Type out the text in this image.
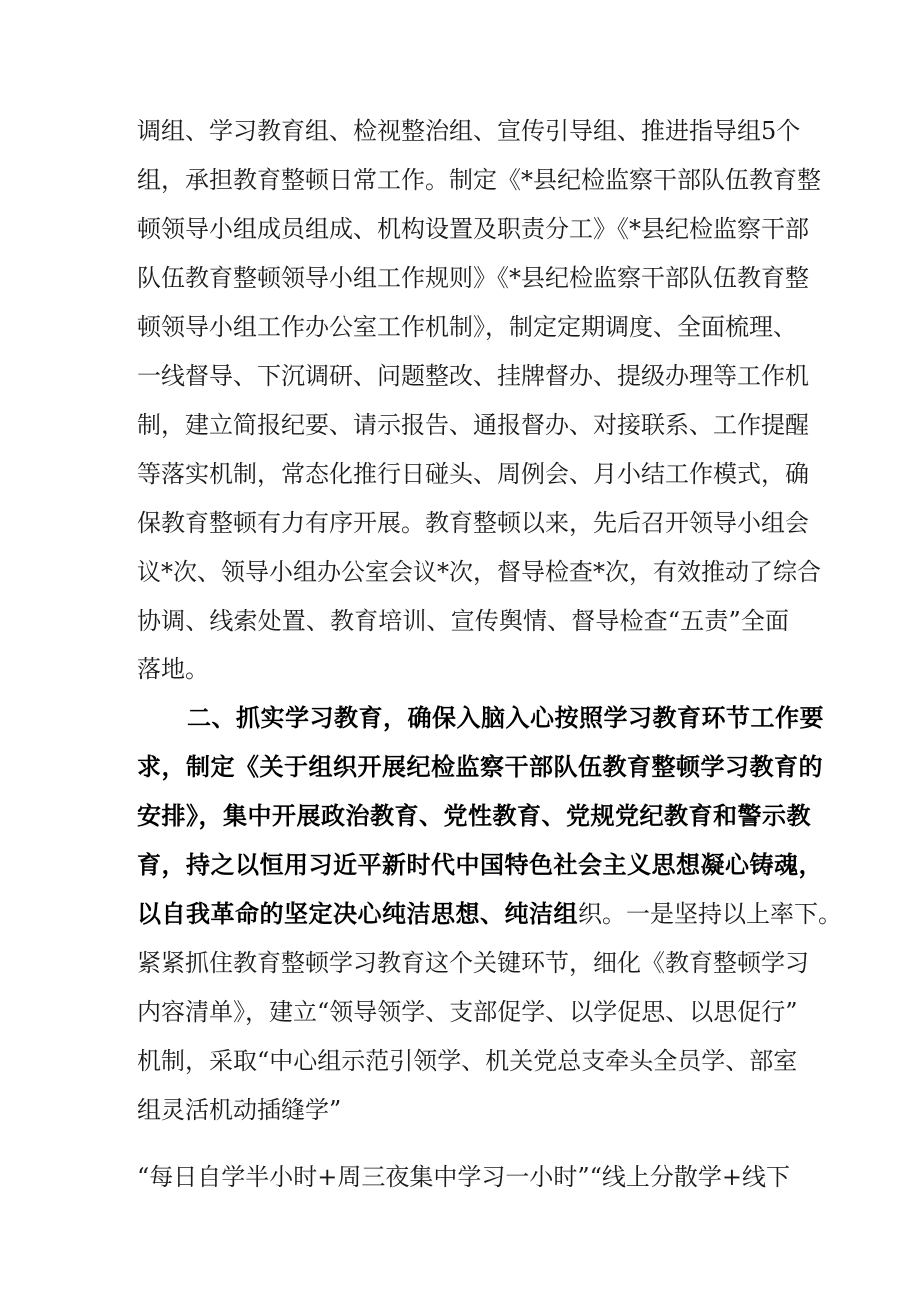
调组、学习教育组、检视整治组、宣传引导组、推进指导组5个
组，承担教育整顿日常工作。制定《*县纪检监察干部队伍教育整
顿领导小组成员组成、机构设置及职责分工》《*县纪检监察干部
队伍教育整顿领导小组工作规则》《*县纪检监察干部队伍教育整
顿领导小组工作办公室工作机制》，制定定期调度、全面梳理、
一线督导、下沉调研、问题整改、挂牌督办、提级办理等工作机
制，建立简报纪要、请示报告、通报督办、对接联系、工作提醒
等落实机制，常态化推行日碰头、周例会、月小结工作模式，确
保教育整顿有力有序开展。教育整顿以来，先后召开领导小组会
议*次、领导小组办公室会议*次，督导检查*次，有效推动了综合
协调、线索处置、教育培训、宣传舆情、督导检查“五责”全面
落地。
二、抓实学习教育，确保入脑入心按照学习教育环节工作要
求，制定《关于组织开展纪检监察干部队伍教育整顿学习教育的
安排》，集中开展政治教育、党性教育、党规党纪教育和警示教
育，持之以恒用习近平新时代中国特色社会主义思想凝心铸魂，
以自我革命的坚定决心纯洁思想、纯洁组织。一是坚持以上率下。
紧紧抓住教育整顿学习教育这个关键环节，细化《教育整顿学习
内容清单》，建立“领导领学、支部促学、以学促思、以思促行”
机制，采取“中心组示范引领学、机关党总支牵头全员学、部室
组灵活机动插缝学”
“每日自学半小时+周三夜集中学习一小时”“线上分散学+线下
